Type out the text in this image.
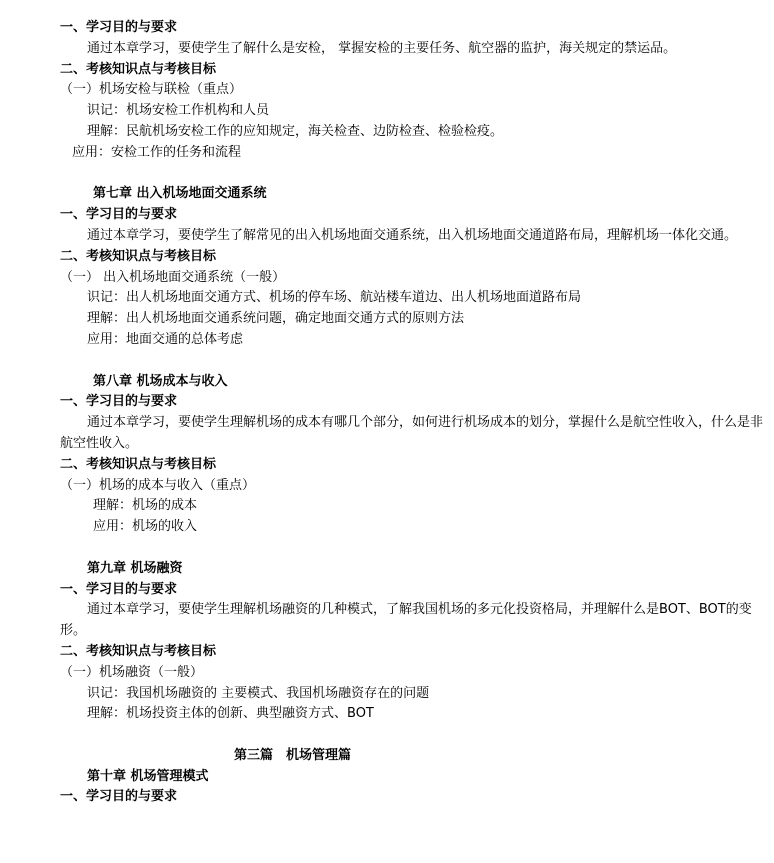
一、学习目的与要求
通过本章学习，要使学生了解什么是安检， 掌握安检的主要任务、航空器的监护，海关规定的禁运品。
二、考核知识点与考核目标
（一）机场安检与联检（重点）
识记：机场安检工作机构和人员
理解：民航机场安检工作的应知规定，海关检查、边防检查、检验检疫。
应用：安检工作的任务和流程
第七章 出入机场地面交通系统
一、学习目的与要求
通过本章学习，要使学生了解常见的出入机场地面交通系统，出入机场地面交通道路布局，理解机场一体化交通。
二、考核知识点与考核目标
（一） 出入机场地面交通系统（一般）
识记：出人机场地面交通方式、机场的停车场、航站楼车道边、出人机场地面道路布局
理解：出人机场地面交通系统问题，确定地面交通方式的原则方法
应用：地面交通的总体考虑
第八章 机场成本与收入
一、学习目的与要求
通过本章学习，要使学生理解机场的成本有哪几个部分，如何进行机场成本的划分，掌握什么是航空性收入，什么是非航空性收入。
二、考核知识点与考核目标
（一）机场的成本与收入（重点）
理解：机场的成本
应用：机场的收入
第九章 机场融资
一、学习目的与要求
通过本章学习，要使学生理解机场融资的几种模式，了解我国机场的多元化投资格局，并理解什么是BOT、BOT的变形。
二、考核知识点与考核目标
（一）机场融资（一般）
识记：我国机场融资的 主要模式、我国机场融资存在的问题
理解：机场投资主体的创新、典型融资方式、BOT
第三篇　机场管理篇
第十章 机场管理模式
一、学习目的与要求
